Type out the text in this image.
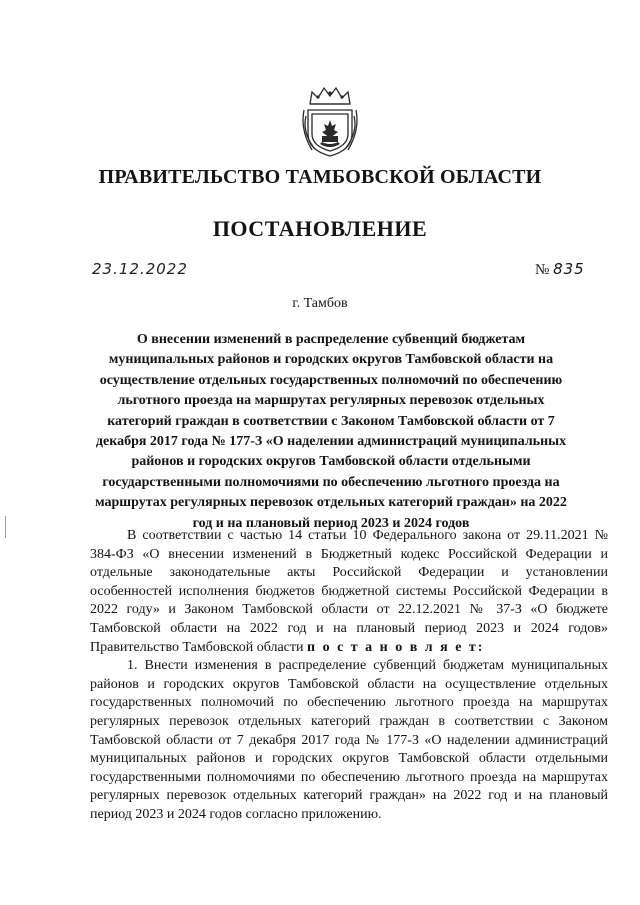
ПРАВИТЕЛЬСТВО ТАМБОВСКОЙ ОБЛАСТИ
ПОСТАНОВЛЕНИЕ
23.12.2022	№ 835
г. Тамбов
О внесении изменений в распределение субвенций бюджетам муниципальных районов и городских округов Тамбовской области на осуществление отдельных государственных полномочий по обеспечению льготного проезда на маршрутах регулярных перевозок отдельных категорий граждан в соответствии с Законом Тамбовской области от 7 декабря 2017 года № 177-З «О наделении администраций муниципальных районов и городских округов Тамбовской области отдельными государственными полномочиями по обеспечению льготного проезда на маршрутах регулярных перевозок отдельных категорий граждан» на 2022 год и на плановый период 2023 и 2024 годов

В соответствии с частью 14 статьи 10 Федерального закона от 29.11.2021 № 384-ФЗ «О внесении изменений в Бюджетный кодекс Российской Федерации и отдельные законодательные акты Российской Федерации и установлении особенностей исполнения бюджетов бюджетной системы Российской Федерации в 2022 году» и Законом Тамбовской области от 22.12.2021 № 37-З «О бюджете Тамбовской области на 2022 год и на плановый период 2023 и 2024 годов» Правительство Тамбовской области п о с т а н о в л я е т:

1. Внести изменения в распределение субвенций бюджетам муниципальных районов и городских округов Тамбовской области на осуществление отдельных государственных полномочий по обеспечению льготного проезда на маршрутах регулярных перевозок отдельных категорий граждан в соответствии с Законом Тамбовской области от 7 декабря 2017 года № 177-З «О наделении администраций муниципальных районов и городских округов Тамбовской области отдельными государственными полномочиями по обеспечению льготного проезда на маршрутах регулярных перевозок отдельных категорий граждан» на 2022 год и на плановый период 2023 и 2024 годов согласно приложению.
